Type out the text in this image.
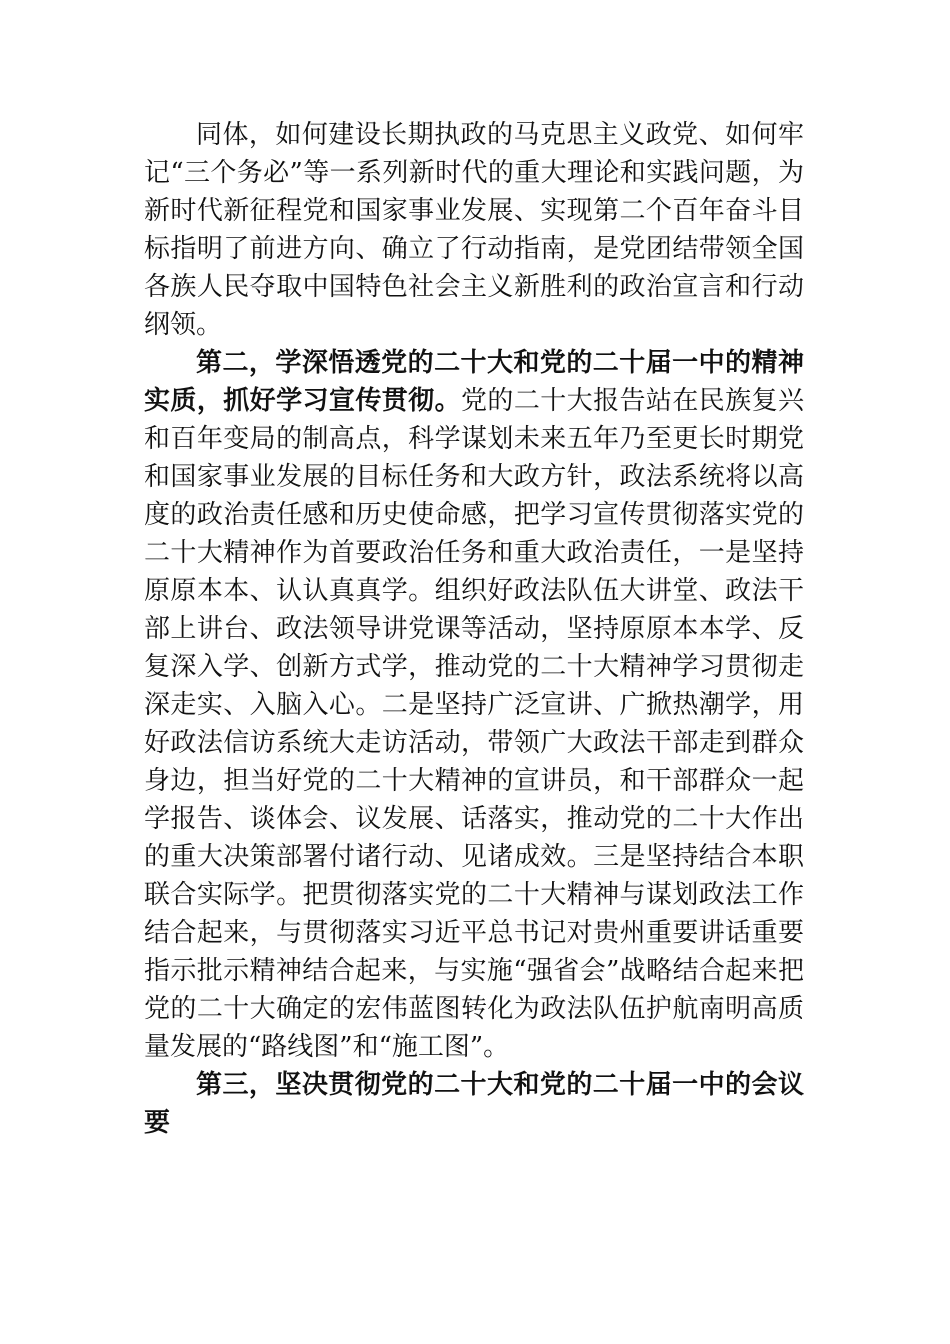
同体，如何建设长期执政的马克思主义政党、如何牢记“三个务必”等一系列新时代的重大理论和实践问题，为新时代新征程党和国家事业发展、实现第二个百年奋斗目标指明了前进方向、确立了行动指南，是党团结带领全国各族人民夺取中国特色社会主义新胜利的政治宣言和行动纲领。

第二，学深悟透党的二十大和党的二十届一中的精神实质，抓好学习宣传贯彻。党的二十大报告站在民族复兴和百年变局的制高点，科学谋划未来五年乃至更长时期党和国家事业发展的目标任务和大政方针，政法系统将以高度的政治责任感和历史使命感，把学习宣传贯彻落实党的二十大精神作为首要政治任务和重大政治责任，一是坚持原原本本、认认真真学。组织好政法队伍大讲堂、政法干部上讲台、政法领导讲党课等活动，坚持原原本本学、反复深入学、创新方式学，推动党的二十大精神学习贯彻走深走实、入脑入心。二是坚持广泛宣讲、广掀热潮学，用好政法信访系统大走访活动，带领广大政法干部走到群众身边，担当好党的二十大精神的宣讲员，和干部群众一起学报告、谈体会、议发展、话落实，推动党的二十大作出的重大决策部署付诸行动、见诸成效。三是坚持结合本职联合实际学。把贯彻落实党的二十大精神与谋划政法工作结合起来，与贯彻落实习近平总书记对贵州重要讲话重要指示批示精神结合起来，与实施“强省会”战略结合起来把党的二十大确定的宏伟蓝图转化为政法队伍护航南明高质量发展的“路线图”和“施工图”。

第三，坚决贯彻党的二十大和党的二十届一中的会议要
